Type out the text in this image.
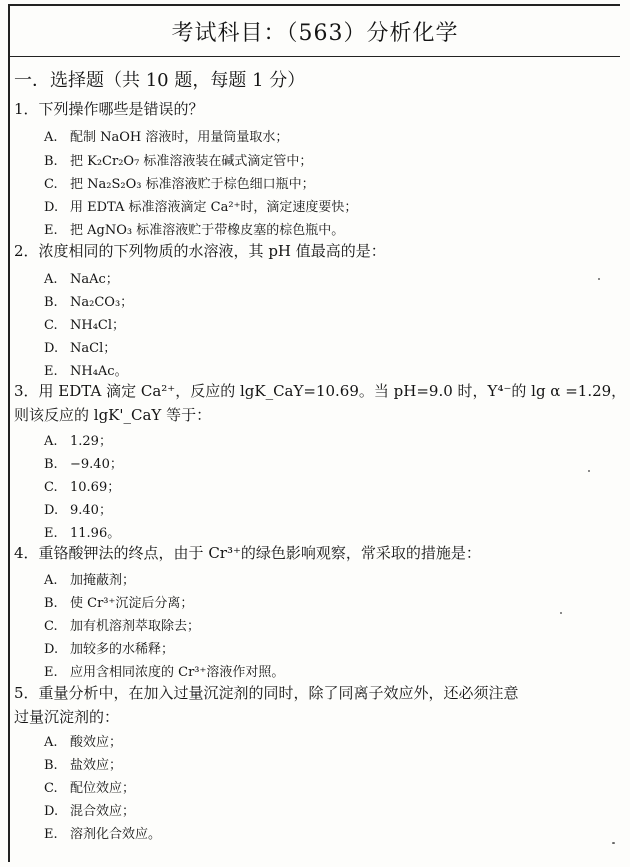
考试科目：（563）分析化学
一．选择题（共 10 题，每题 1 分）
1．下列操作哪些是错误的？
A. 配制 NaOH 溶液时，用量筒量取水；
B. 把 K₂Cr₂O₇ 标准溶液装在碱式滴定管中；
C. 把 Na₂S₂O₃ 标准溶液贮于棕色细口瓶中；
D. 用 EDTA 标准溶液滴定 Ca²⁺时，滴定速度要快；
E. 把 AgNO₃ 标准溶液贮于带橡皮塞的棕色瓶中。
2．浓度相同的下列物质的水溶液，其 pH 值最高的是：
A. NaAc；
B. Na₂CO₃；
C. NH₄Cl；
D. NaCl；
E. NH₄Ac。
3．用 EDTA 滴定 Ca²⁺，反应的 lgK_CaY=10.69。当 pH=9.0 时，Y⁴⁻的 lg α =1.29，
则该反应的 lgK'_CaY 等于：
A. 1.29；
B. −9.40；
C. 10.69；
D. 9.40；
E. 11.96。
4．重铬酸钾法的终点，由于 Cr³⁺的绿色影响观察，常采取的措施是：
A. 加掩蔽剂；
B. 使 Cr³⁺沉淀后分离；
C. 加有机溶剂萃取除去；
D. 加较多的水稀释；
E. 应用含相同浓度的 Cr³⁺溶液作对照。
5．重量分析中，在加入过量沉淀剂的同时，除了同离子效应外，还必须注意
过量沉淀剂的：
A. 酸效应；
B. 盐效应；
C. 配位效应；
D. 混合效应；
E. 溶剂化合效应。
